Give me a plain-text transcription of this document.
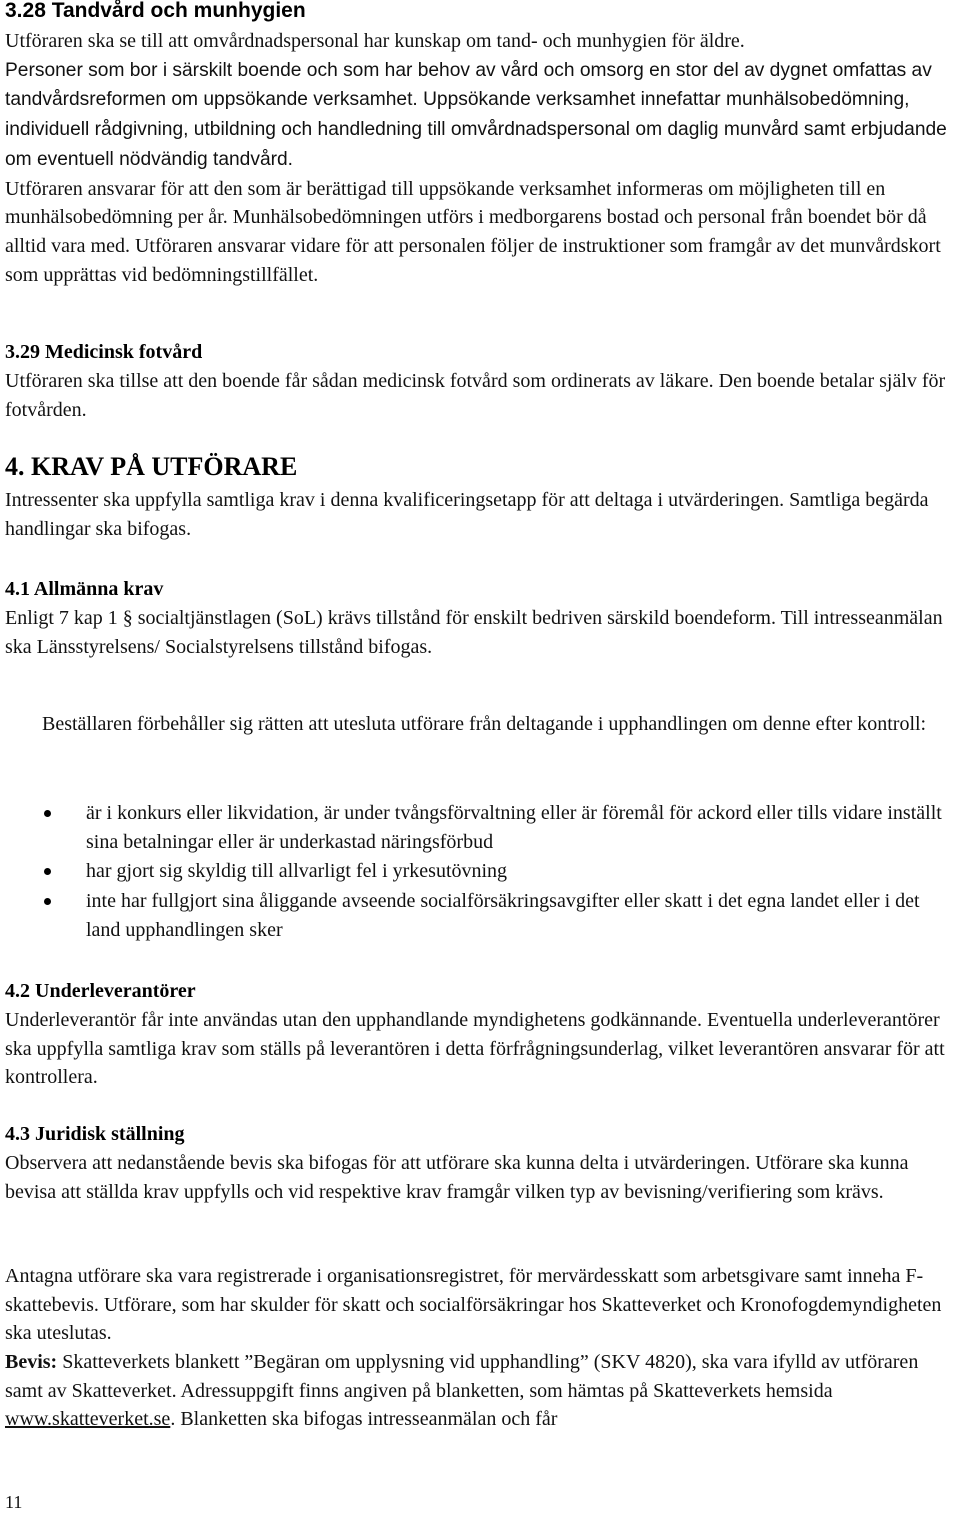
3.28 Tandvård och munhygien

Utföraren ska se till att omvårdnadspersonal har kunskap om tand- och munhygien för äldre.
Personer som bor i särskilt boende och som har behov av vård och omsorg en stor del av dygnet omfattas av tandvårdsreformen om uppsökande verksamhet. Uppsökande verksamhet innefattar munhälsobedömning, individuell rådgivning, utbildning och handledning till omvårdnadspersonal om daglig munvård samt erbjudande om eventuell nödvändig tandvård.
Utföraren ansvarar för att den som är berättigad till uppsökande verksamhet informeras om möjligheten till en munhälsobedömning per år. Munhälsobedömningen utförs i medborgarens bostad och personal från boendet bör då alltid vara med. Utföraren ansvarar vidare för att personalen följer de instruktioner som framgår av det munvårdskort som upprättas vid bedömningstillfället.

3.29 Medicinsk fotvård

Utföraren ska tillse att den boende får sådan medicinsk fotvård som ordinerats av läkare. Den boende betalar själv för fotvården.

4. KRAV PÅ UTFÖRARE

Intressenter ska uppfylla samtliga krav i denna kvalificeringsetapp för att deltaga i utvärderingen. Samtliga begärda handlingar ska bifogas.

4.1 Allmänna krav

Enligt 7 kap 1 § socialtjänstlagen (SoL) krävs tillstånd för enskilt bedriven särskild boendeform. Till intresseanmälan ska Länsstyrelsens/ Socialstyrelsens tillstånd bifogas.

Beställaren förbehåller sig rätten att utesluta utförare från deltagande i upphandlingen om denne efter kontroll:

är i konkurs eller likvidation, är under tvångsförvaltning eller är föremål för ackord eller tills vidare inställt sina betalningar eller är underkastad näringsförbud
har gjort sig skyldig till allvarligt fel i yrkesutövning
inte har fullgjort sina åliggande avseende socialförsäkringsavgifter eller skatt i det egna landet eller i det land upphandlingen sker
4.2 Underleverantörer

Underleverantör får inte användas utan den upphandlande myndighetens godkännande. Eventuella underleverantörer ska uppfylla samtliga krav som ställs på leverantören i detta förfrågningsunderlag, vilket leverantören ansvarar för att kontrollera.

4.3 Juridisk ställning

Observera att nedanstående bevis ska bifogas för att utförare ska kunna delta i utvärderingen. Utförare ska kunna bevisa att ställda krav uppfylls och vid respektive krav framgår vilken typ av bevisning/verifiering som krävs.

Antagna utförare ska vara registrerade i organisationsregistret, för mervärdesskatt som arbetsgivare samt inneha F-skattebevis. Utförare, som har skulder för skatt och socialförsäkringar hos Skatteverket och Kronofogdemyndigheten ska uteslutas.

Bevis: Skatteverkets blankett ”Begäran om upplysning vid upphandling” (SKV 4820), ska vara ifylld av utföraren samt av Skatteverket. Adressuppgift finns angiven på blanketten, som hämtas på Skatteverkets hemsida www.skatteverket.se. Blanketten ska bifogas intresseanmälan och får

11
